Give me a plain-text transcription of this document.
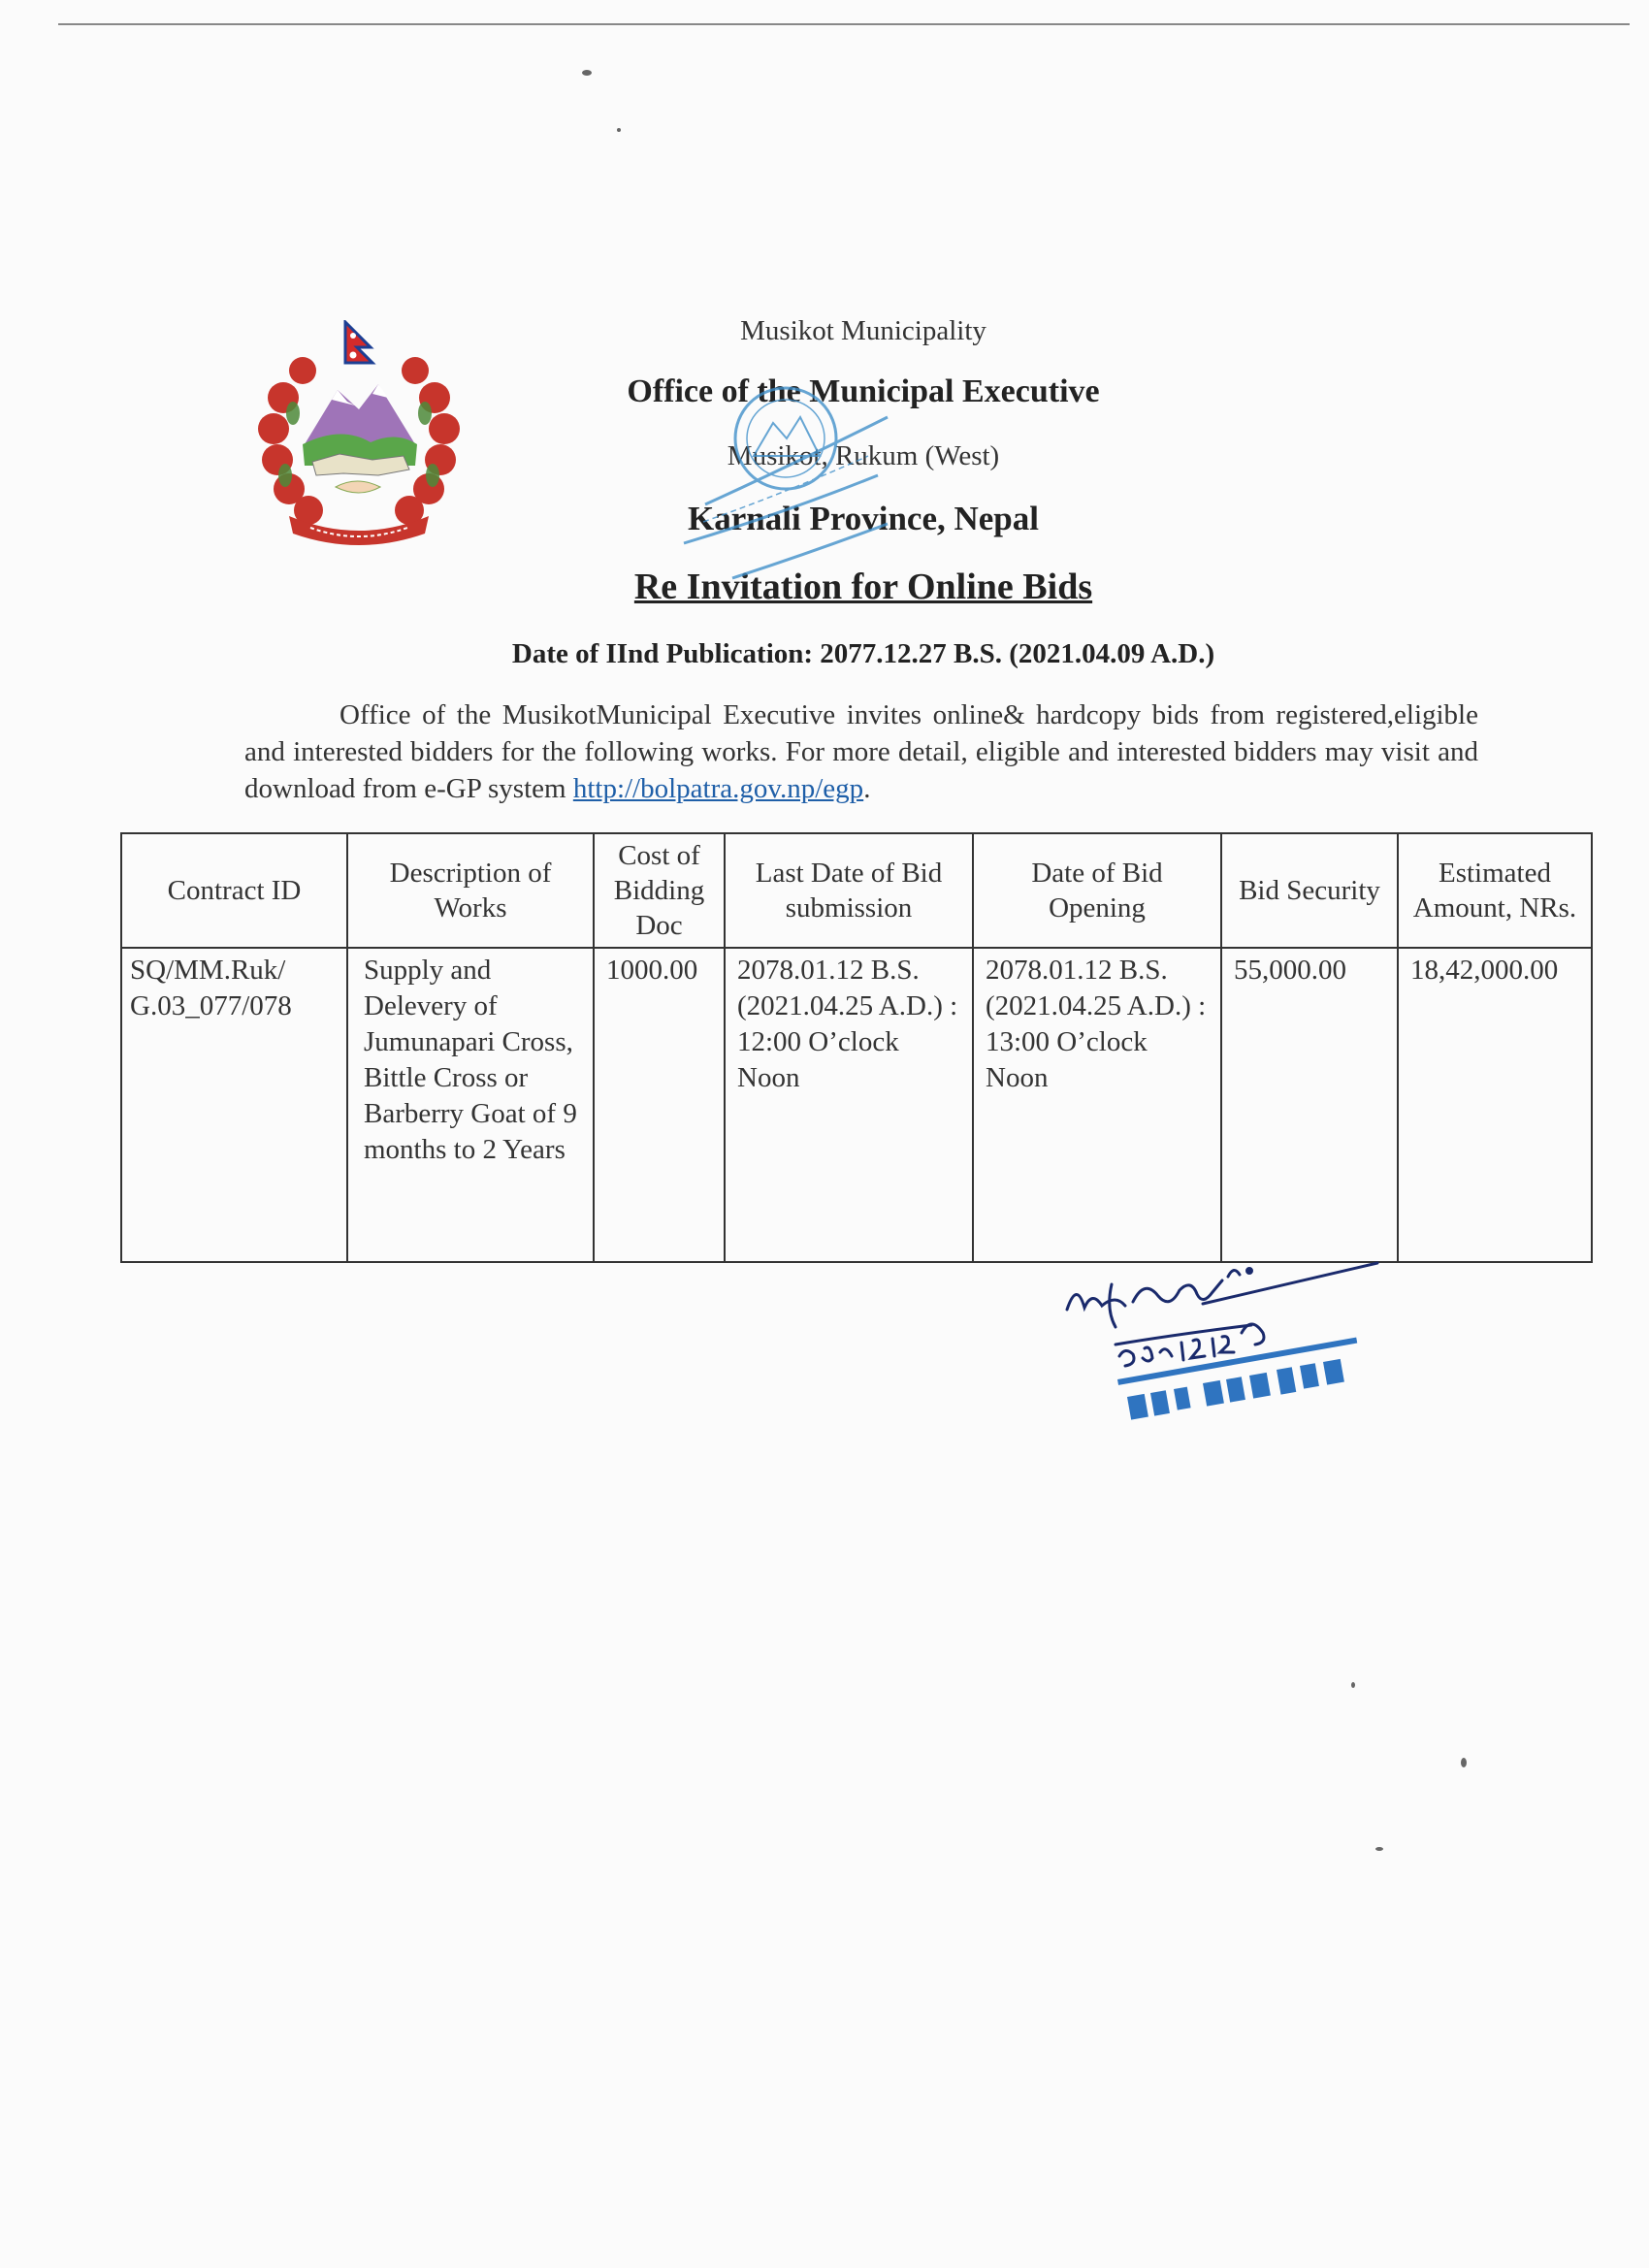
Musikot Municipality
Office of the Municipal Executive
Musikot, Rukum (West)
Karnali Province, Nepal
Re Invitation for Online Bids
Date of IInd Publication: 2077.12.27 B.S. (2021.04.09 A.D.)
Office of the MusikotMunicipal Executive invites online& hardcopy bids from registered,eligible and interested bidders for the following works. For more detail, eligible and interested bidders may visit and download from e-GP system http://bolpatra.gov.np/egp.
Contract ID	Description of Works	Cost of Bidding Doc	Last Date of Bid submission	Date of Bid Opening	Bid Security	Estimated Amount, NRs.
SQ/MM.Ruk/ G.03_077/078	Supply and Delevery of Jumunapari Cross, Bittle Cross or Barberry Goat of 9 months to 2 Years	1000.00	2078.01.12 B.S. (2021.04.25 A.D.) : 12:00 O’clock Noon	2078.01.12 B.S. (2021.04.25 A.D.) : 13:00 O’clock Noon	55,000.00	18,42,000.00
